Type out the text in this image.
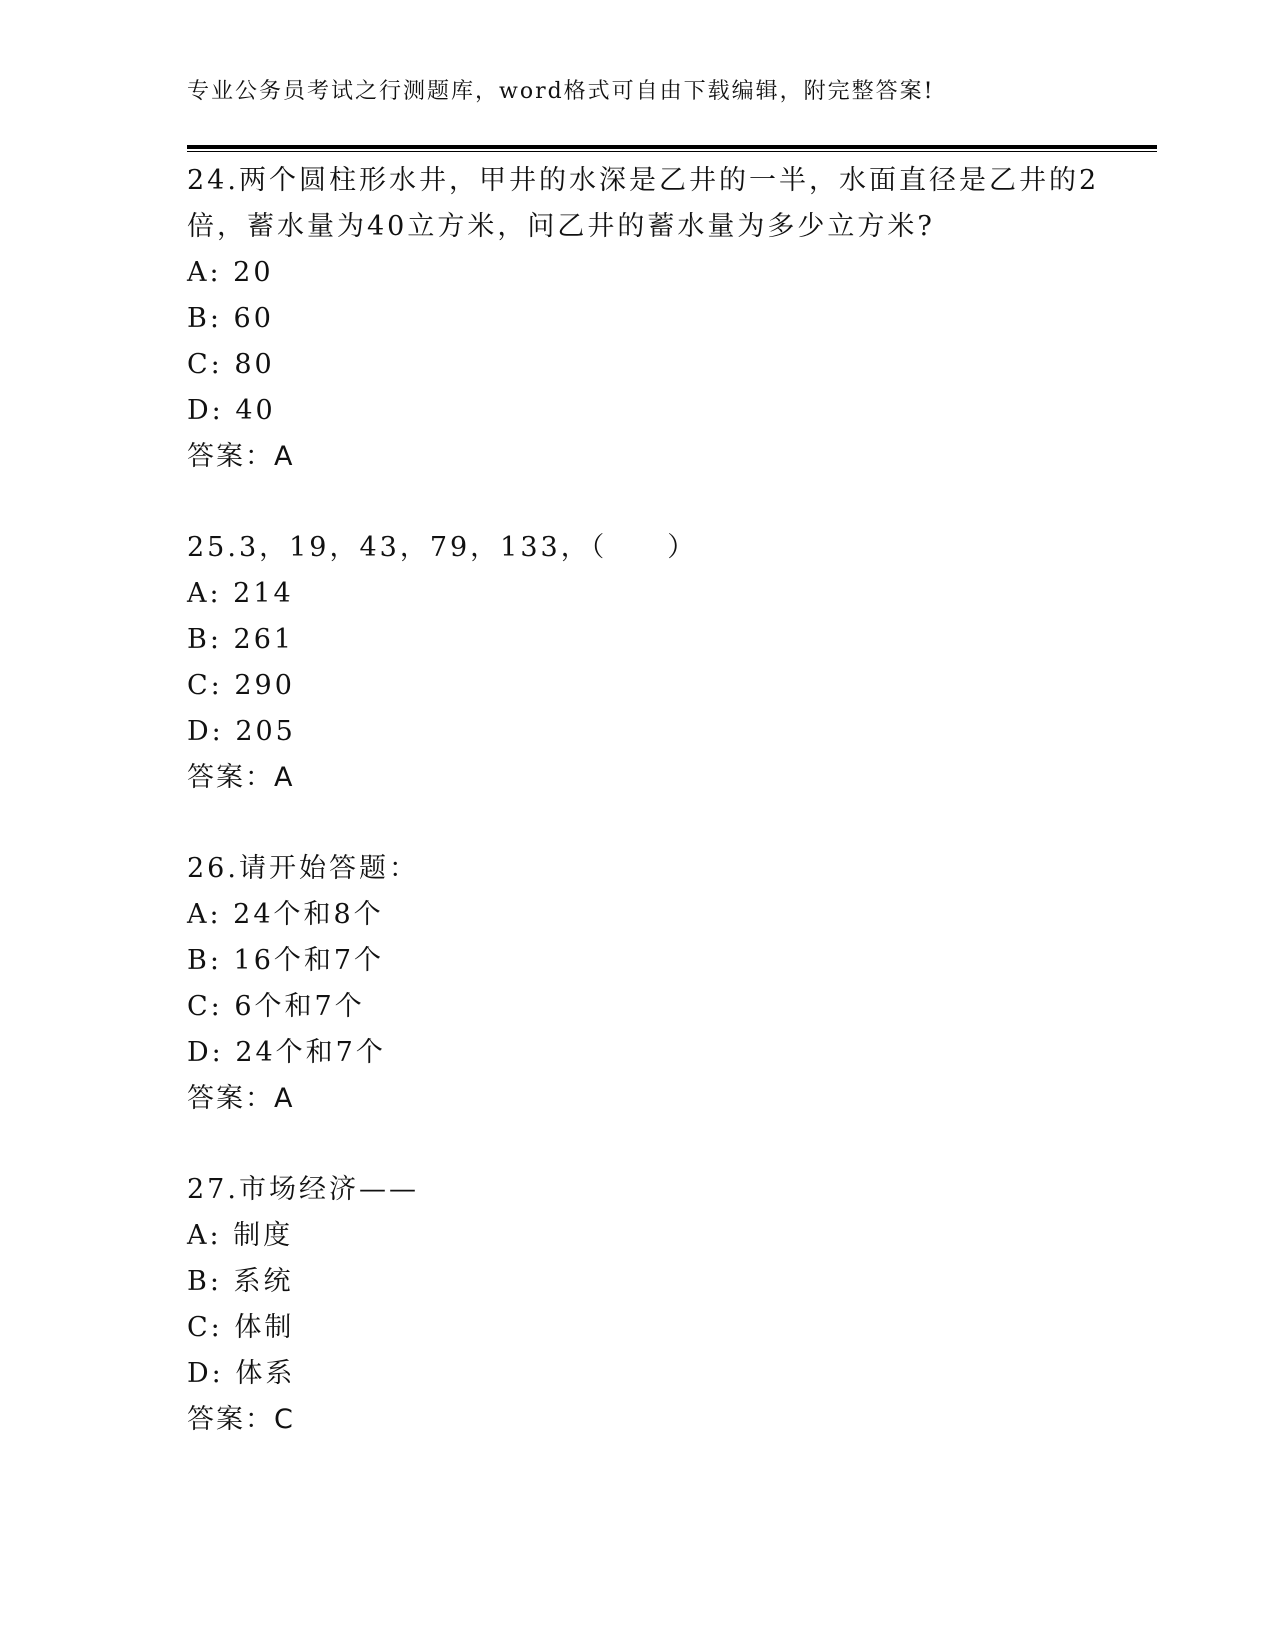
专业公务员考试之行测题库，word格式可自由下载编辑，附完整答案!
24.两个圆柱形水井，甲井的水深是乙井的一半，水面直径是乙井的2
倍，蓄水量为40立方米，问乙井的蓄水量为多少立方米?
A: 20
B: 60
C: 80
D: 40
答案：A
25.3，19，43，79，133，（　　）
A: 214
B: 261
C: 290
D: 205
答案：A
26.请开始答题：
A: 24个和8个
B: 16个和7个
C: 6个和7个
D: 24个和7个
答案：A
27.市场经济——
A: 制度
B: 系统
C: 体制
D: 体系
答案：C
